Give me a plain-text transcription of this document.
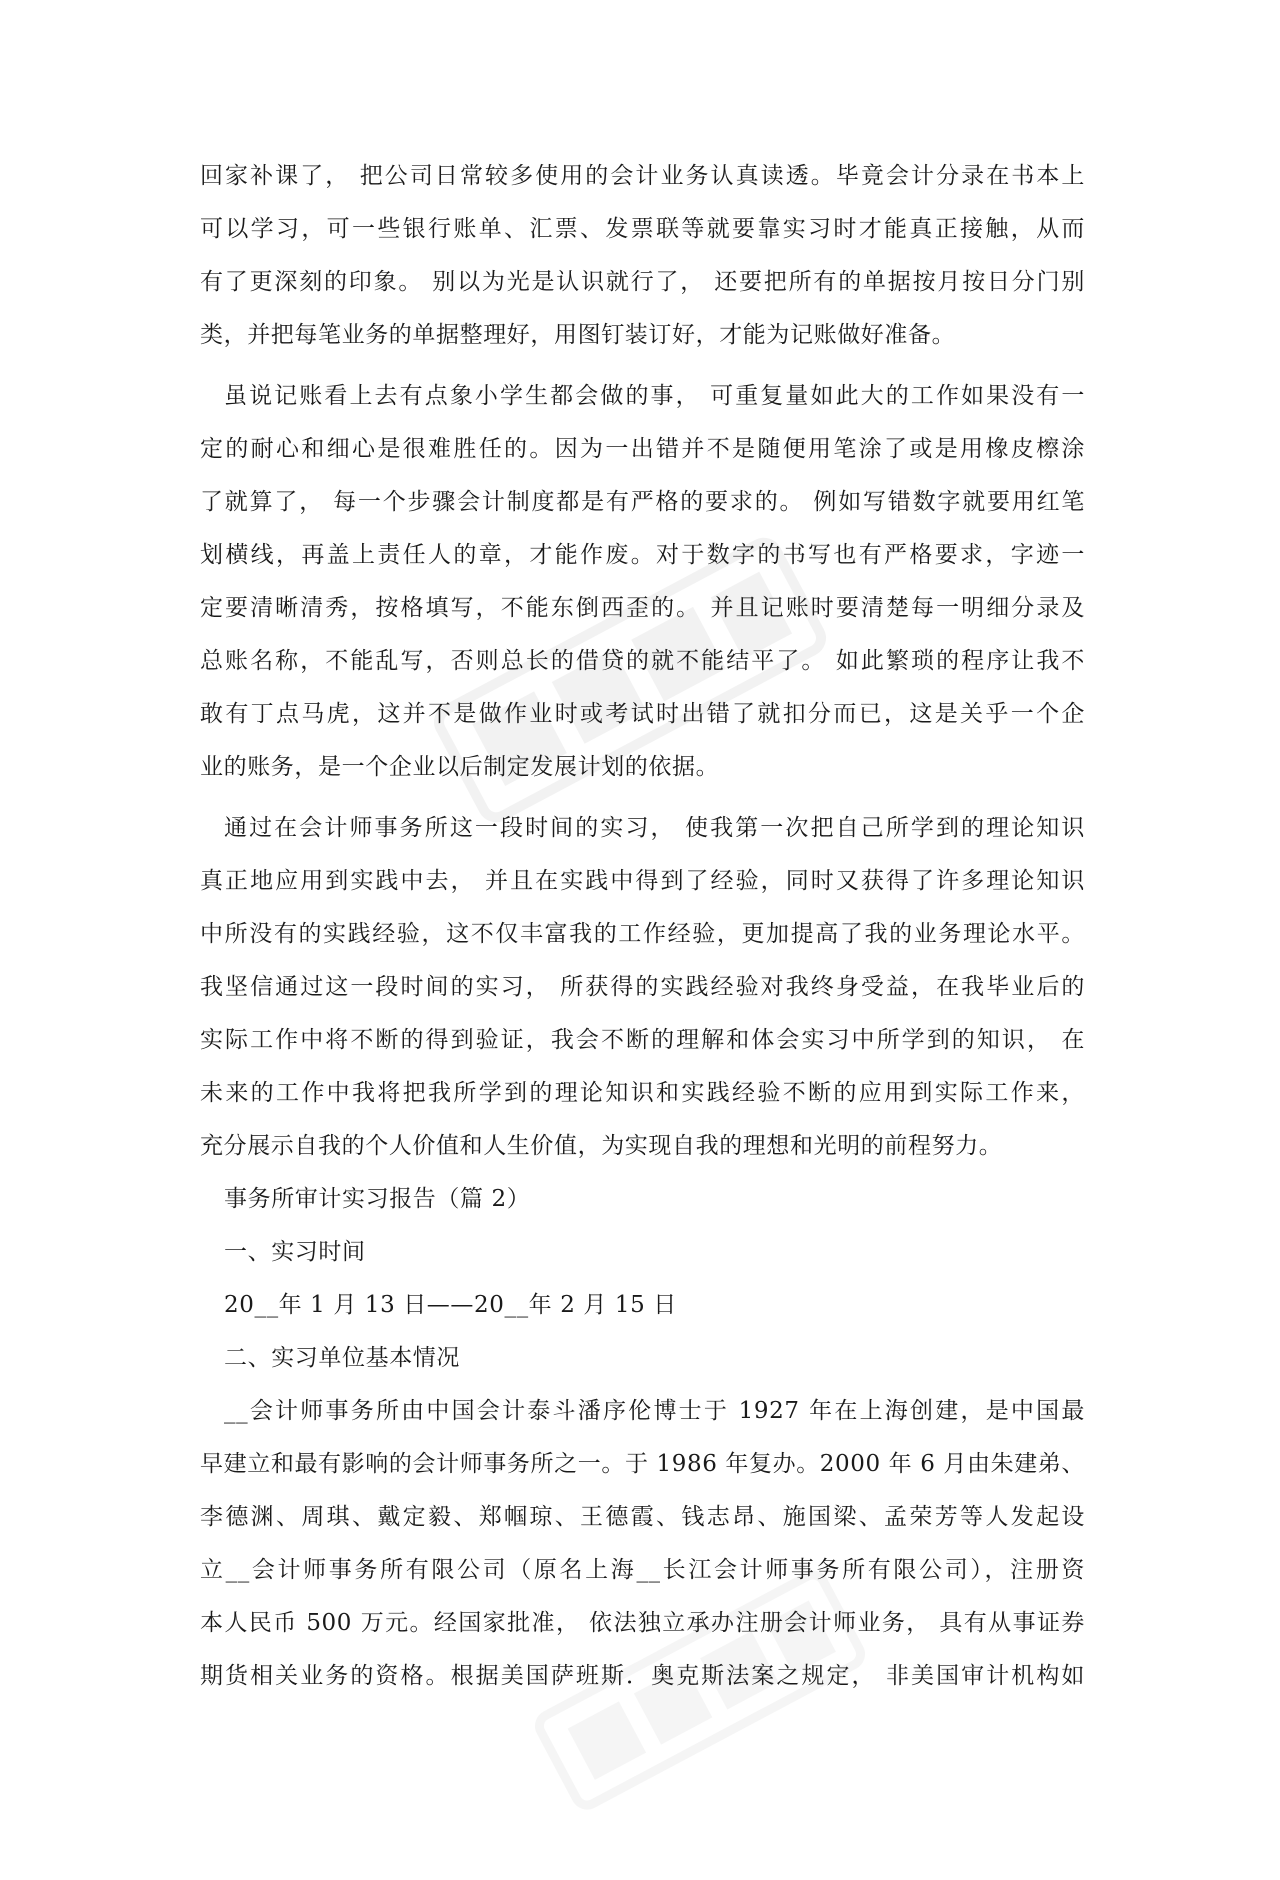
回家补课了， 把公司日常较多使用的会计业务认真读透。毕竟会计分录在书本上
可以学习，可一些银行账单、汇票、发票联等就要靠实习时才能真正接触，从而
有了更深刻的印象。 别以为光是认识就行了， 还要把所有的单据按月按日分门别
类，并把每笔业务的单据整理好，用图钉装订好，才能为记账做好准备。
虽说记账看上去有点象小学生都会做的事， 可重复量如此大的工作如果没有一
定的耐心和细心是很难胜任的。因为一出错并不是随便用笔涂了或是用橡皮檫涂
了就算了， 每一个步骤会计制度都是有严格的要求的。 例如写错数字就要用红笔
划横线，再盖上责任人的章，才能作废。对于数字的书写也有严格要求，字迹一
定要清晰清秀，按格填写，不能东倒西歪的。 并且记账时要清楚每一明细分录及
总账名称，不能乱写，否则总长的借贷的就不能结平了。 如此繁琐的程序让我不
敢有丁点马虎，这并不是做作业时或考试时出错了就扣分而已，这是关乎一个企
业的账务，是一个企业以后制定发展计划的依据。
通过在会计师事务所这一段时间的实习， 使我第一次把自己所学到的理论知识
真正地应用到实践中去， 并且在实践中得到了经验，同时又获得了许多理论知识
中所没有的实践经验，这不仅丰富我的工作经验，更加提高了我的业务理论水平。
我坚信通过这一段时间的实习， 所获得的实践经验对我终身受益，在我毕业后的
实际工作中将不断的得到验证，我会不断的理解和体会实习中所学到的知识， 在
未来的工作中我将把我所学到的理论知识和实践经验不断的应用到实际工作来，
充分展示自我的个人价值和人生价值，为实现自我的理想和光明的前程努力。
事务所审计实习报告（篇 2）
一、实习时间
20__年 1 月 13 日——20__年 2 月 15 日
二、实习单位基本情况
__会计师事务所由中国会计泰斗潘序伦博士于 1927 年在上海创建，是中国最
早建立和最有影响的会计师事务所之一。于 1986 年复办。2000 年 6 月由朱建弟、
李德渊、周琪、戴定毅、郑帼琼、王德霞、钱志昂、施国梁、孟荣芳等人发起设
立__会计师事务所有限公司（原名上海__长江会计师事务所有限公司），注册资
本人民币 500 万元。经国家批准， 依法独立承办注册会计师业务， 具有从事证券
期货相关业务的资格。根据美国萨班斯．奥克斯法案之规定， 非美国审计机构如
